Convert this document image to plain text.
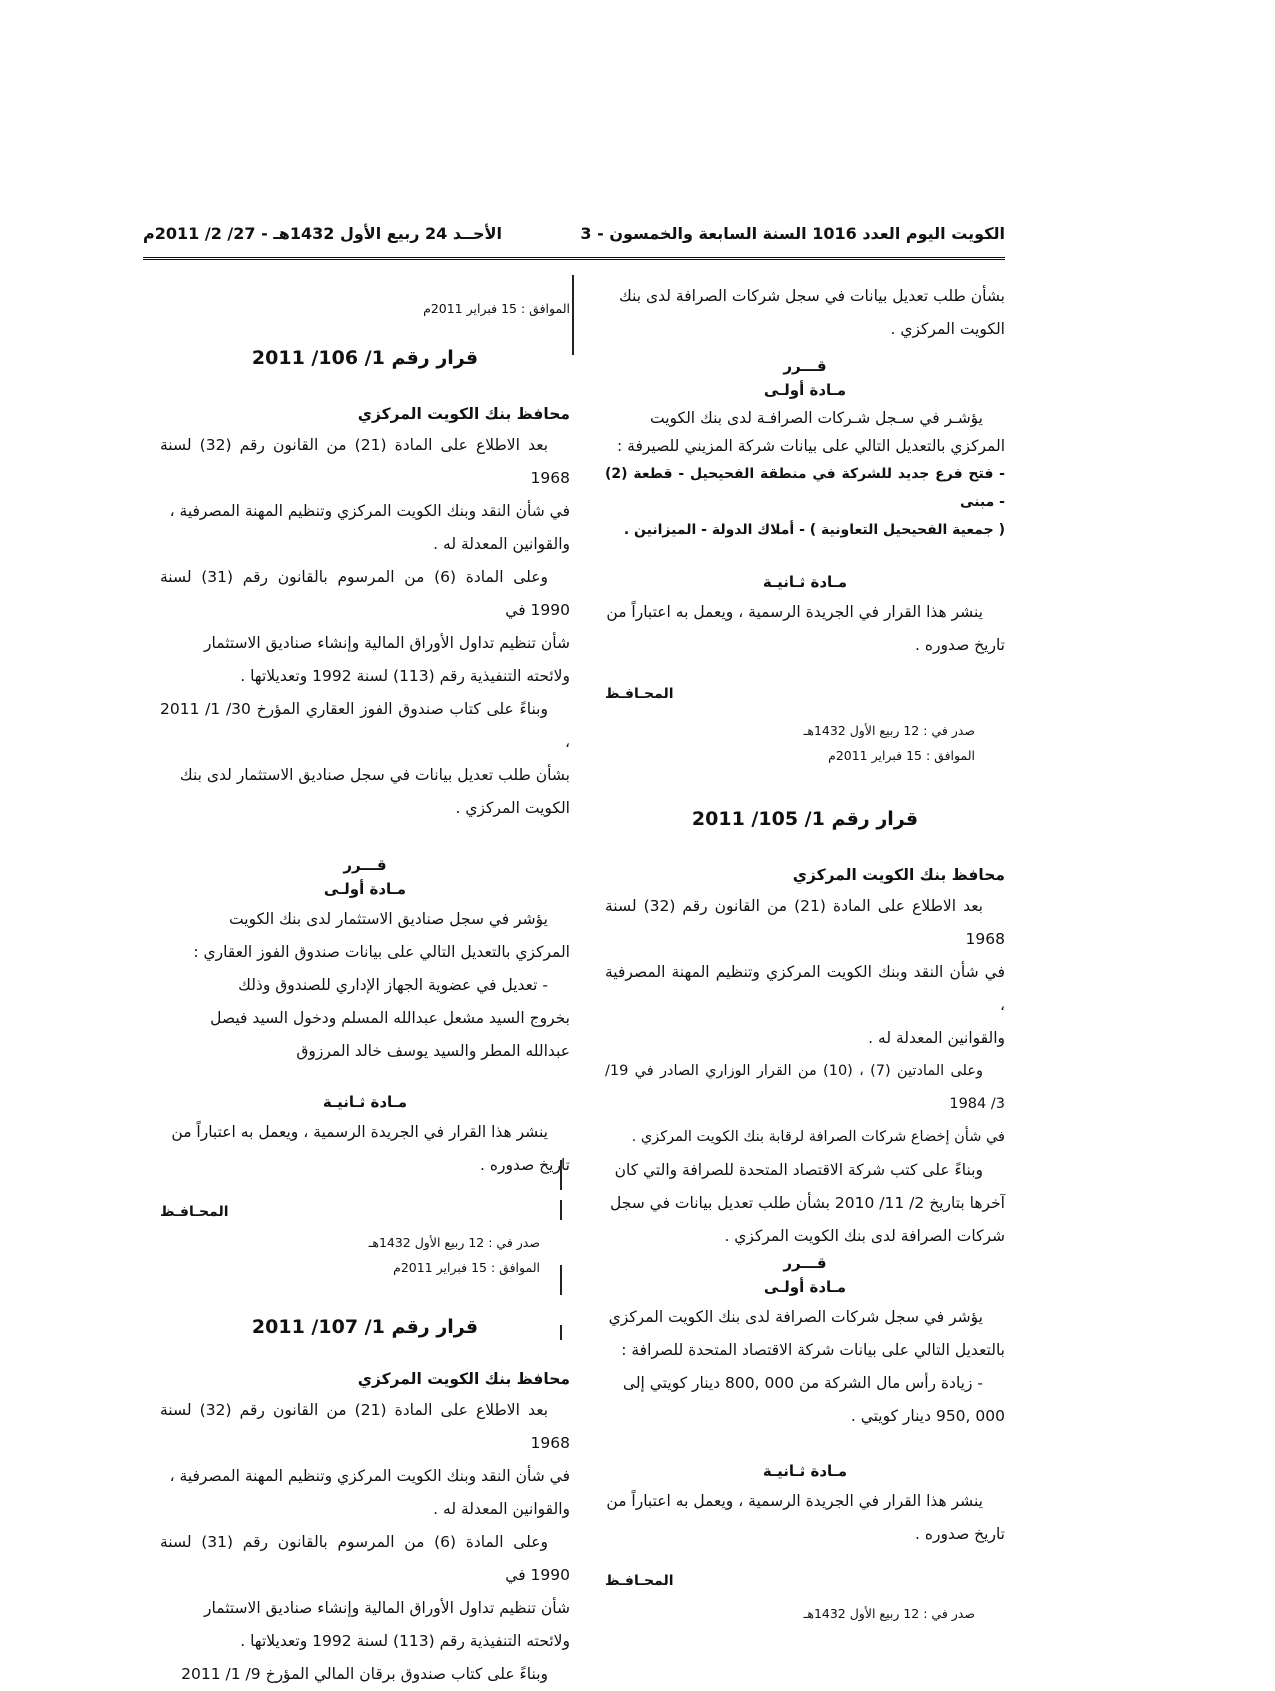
الكويت اليوم العدد 1016 السنة السابعة والخمسون - 3
الأحــد 24 ربيع الأول 1432هـ - 27/ 2/ 2011م

بشأن طلب تعديل بيانات في سجل شركات الصرافة لدى بنك

الكويت المركزي .

قـــرر

مـادة أولـى

يؤشـر في سـجل شـركات الصرافـة لدى بنك الكويت

المركزي بالتعديل التالي على بيانات شركة المزيني للصيرفة :

- فتح فرع جديد للشركة في منطقة الفحيحيل - قطعة (2) - مبنى

( جمعية الفحيحيل التعاونية ) - أملاك الدولة - الميزانين .

مـادة ثـانيـة

ينشر هذا القرار في الجريدة الرسمية ، ويعمل به اعتباراً من

تاريخ صدوره .

المحـافـظ

صدر في : 12 ربيع الأول 1432هـ

الموافق : 15 فبراير 2011م

قرار رقم 1/ 105/ 2011

محافظ بنك الكويت المركزي

بعد الاطلاع على المادة (21) من القانون رقم (32) لسنة 1968

في شأن النقد وبنك الكويت المركزي وتنظيم المهنة المصرفية ،

والقوانين المعدلة له .

وعلى المادتين (7) ، (10) من القرار الوزاري الصادر في 19/ 3/ 1984

في شأن إخضاع شركات الصرافة لرقابة بنك الكويت المركزي .

وبناءً على كتب شركة الاقتصاد المتحدة للصرافة والتي كان

آخرها بتاريخ 2/ 11/ 2010 بشأن طلب تعديل بيانات في سجل

شركات الصرافة لدى بنك الكويت المركزي .

قـــرر

مـادة أولـى

يؤشر في سجل شركات الصرافة لدى بنك الكويت المركزي

بالتعديل التالي على بيانات شركة الاقتصاد المتحدة للصرافة :

- زيادة رأس مال الشركة من 000 ,800 دينار كويتي إلى

000 ,950 دينار كويتي .

مـادة ثـانيـة

ينشر هذا القرار في الجريدة الرسمية ، ويعمل به اعتباراً من

تاريخ صدوره .

المحـافـظ

صدر في : 12 ربيع الأول 1432هـ

الموافق : 15 فبراير 2011م

قرار رقم 1/ 106/ 2011

محافظ بنك الكويت المركزي

بعد الاطلاع على المادة (21) من القانون رقم (32) لسنة 1968

في شأن النقد وبنك الكويت المركزي وتنظيم المهنة المصرفية ،

والقوانين المعدلة له .

وعلى المادة (6) من المرسوم بالقانون رقم (31) لسنة 1990 في

شأن تنظيم تداول الأوراق المالية وإنشاء صناديق الاستثمار

ولائحته التنفيذية رقم (113) لسنة 1992 وتعديلاتها .

وبناءً على كتاب صندوق الفوز العقاري المؤرخ 30/ 1/ 2011 ،

بشأن طلب تعديل بيانات في سجل صناديق الاستثمار لدى بنك

الكويت المركزي .

قـــرر

مـادة أولـى

يؤشر في سجل صناديق الاستثمار لدى بنك الكويت

المركزي بالتعديل التالي على بيانات صندوق الفوز العقاري :

- تعديل في عضوية الجهاز الإداري للصندوق وذلك

بخروج السيد مشعل عبدالله المسلم ودخول السيد فيصل

عبدالله المطر والسيد يوسف خالد المرزوق

مـادة ثـانيـة

ينشر هذا القرار في الجريدة الرسمية ، ويعمل به اعتباراً من

تاريخ صدوره .

المحـافـظ

صدر في : 12 ربيع الأول 1432هـ

الموافق : 15 فبراير 2011م

قرار رقم 1/ 107/ 2011

محافظ بنك الكويت المركزي

بعد الاطلاع على المادة (21) من القانون رقم (32) لسنة 1968

في شأن النقد وبنك الكويت المركزي وتنظيم المهنة المصرفية ،

والقوانين المعدلة له .

وعلى المادة (6) من المرسوم بالقانون رقم (31) لسنة 1990 في

شأن تنظيم تداول الأوراق المالية وإنشاء صناديق الاستثمار

ولائحته التنفيذية رقم (113) لسنة 1992 وتعديلاتها .

وبناءً على كتاب صندوق برقان المالي المؤرخ 9/ 1/ 2011
